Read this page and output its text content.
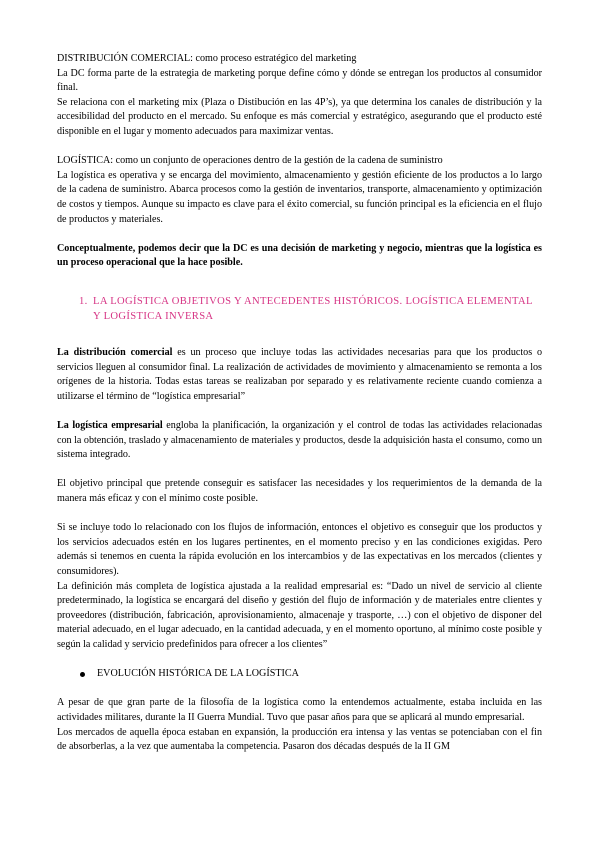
DISTRIBUCIÓN COMERCIAL: como proceso estratégico del marketing

La DC forma parte de la estrategia de marketing porque define cómo y dónde se entregan los productos al consumidor final.

Se relaciona con el marketing mix (Plaza o Distibución en las 4P’s), ya que determina los canales de distribución y la accesibilidad del producto en el mercado. Su enfoque es más comercial y estratégico, asegurando que el producto esté disponible en el lugar y momento adecuados para maximizar ventas.

LOGÍSTICA: como un conjunto de operaciones dentro de la gestión de la cadena de suministro

La logística es operativa y se encarga del movimiento, almacenamiento y gestión eficiente de los productos a lo largo de la cadena de suministro. Abarca procesos como la gestión de inventarios, transporte, almacenamiento y optimización de costos y tiempos. Aunque su impacto es clave para el éxito comercial, su función principal es la eficiencia en el flujo de productos y materiales.

Conceptualmente, podemos decir que la DC es una decisión de marketing y negocio, mientras que la logística es un proceso operacional que la hace posible.

1. LA LOGÍSTICA OBJETIVOS Y ANTECEDENTES HISTÓRICOS. LOGÍSTICA ELEMENTAL Y LOGÍSTICA INVERSA

La distribución comercial es un proceso que incluye todas las actividades necesarias para que los productos o servicios lleguen al consumidor final. La realización de actividades de movimiento y almacenamiento se remonta a los orígenes de la historia. Todas estas tareas se realizaban por separado y es relativamente reciente cuando comienza a utilizarse el término de “logística empresarial”

La logística empresarial engloba la planificación, la organización y el control de todas las actividades relacionadas con la obtención, traslado y almacenamiento de materiales y productos, desde la adquisición hasta el consumo, como un sistema integrado.

El objetivo principal que pretende conseguir es satisfacer las necesidades y los requerimientos de la demanda de la manera más eficaz y con el mínimo coste posible.

Si se incluye todo lo relacionado con los flujos de información, entonces el objetivo es conseguir que los productos y los servicios adecuados estén en los lugares pertinentes, en el momento preciso y en las condiciones exigidas. Pero además si tenemos en cuenta la rápida evolución en los intercambios y de las expectativas en los mercados (clientes y consumidores).

La definición más completa de logística ajustada a la realidad empresarial es: “Dado un nivel de servicio al cliente predeterminado, la logística se encargará del diseño y gestión del flujo de información y de materiales entre clientes y proveedores (distribución, fabricación, aprovisionamiento, almacenaje y trasporte, …) con el objetivo de disponer del material adecuado, en el lugar adecuado, en la cantidad adecuada, y en el momento oportuno, al mínimo coste posible y según la calidad y servicio predefinidos para ofrecer a los clientes”

EVOLUCIÓN HISTÓRICA DE LA LOGÍSTICA

A pesar de que gran parte de la filosofía de la logística como la entendemos actualmente, estaba incluida en las actividades militares, durante la II Guerra Mundial. Tuvo que pasar años para que se aplicará al mundo empresarial.

Los mercados de aquella época estaban en expansión, la producción era intensa y las ventas se potenciaban con el fin de absorberlas, a la vez que aumentaba la competencia. Pasaron dos décadas después de la II GM
